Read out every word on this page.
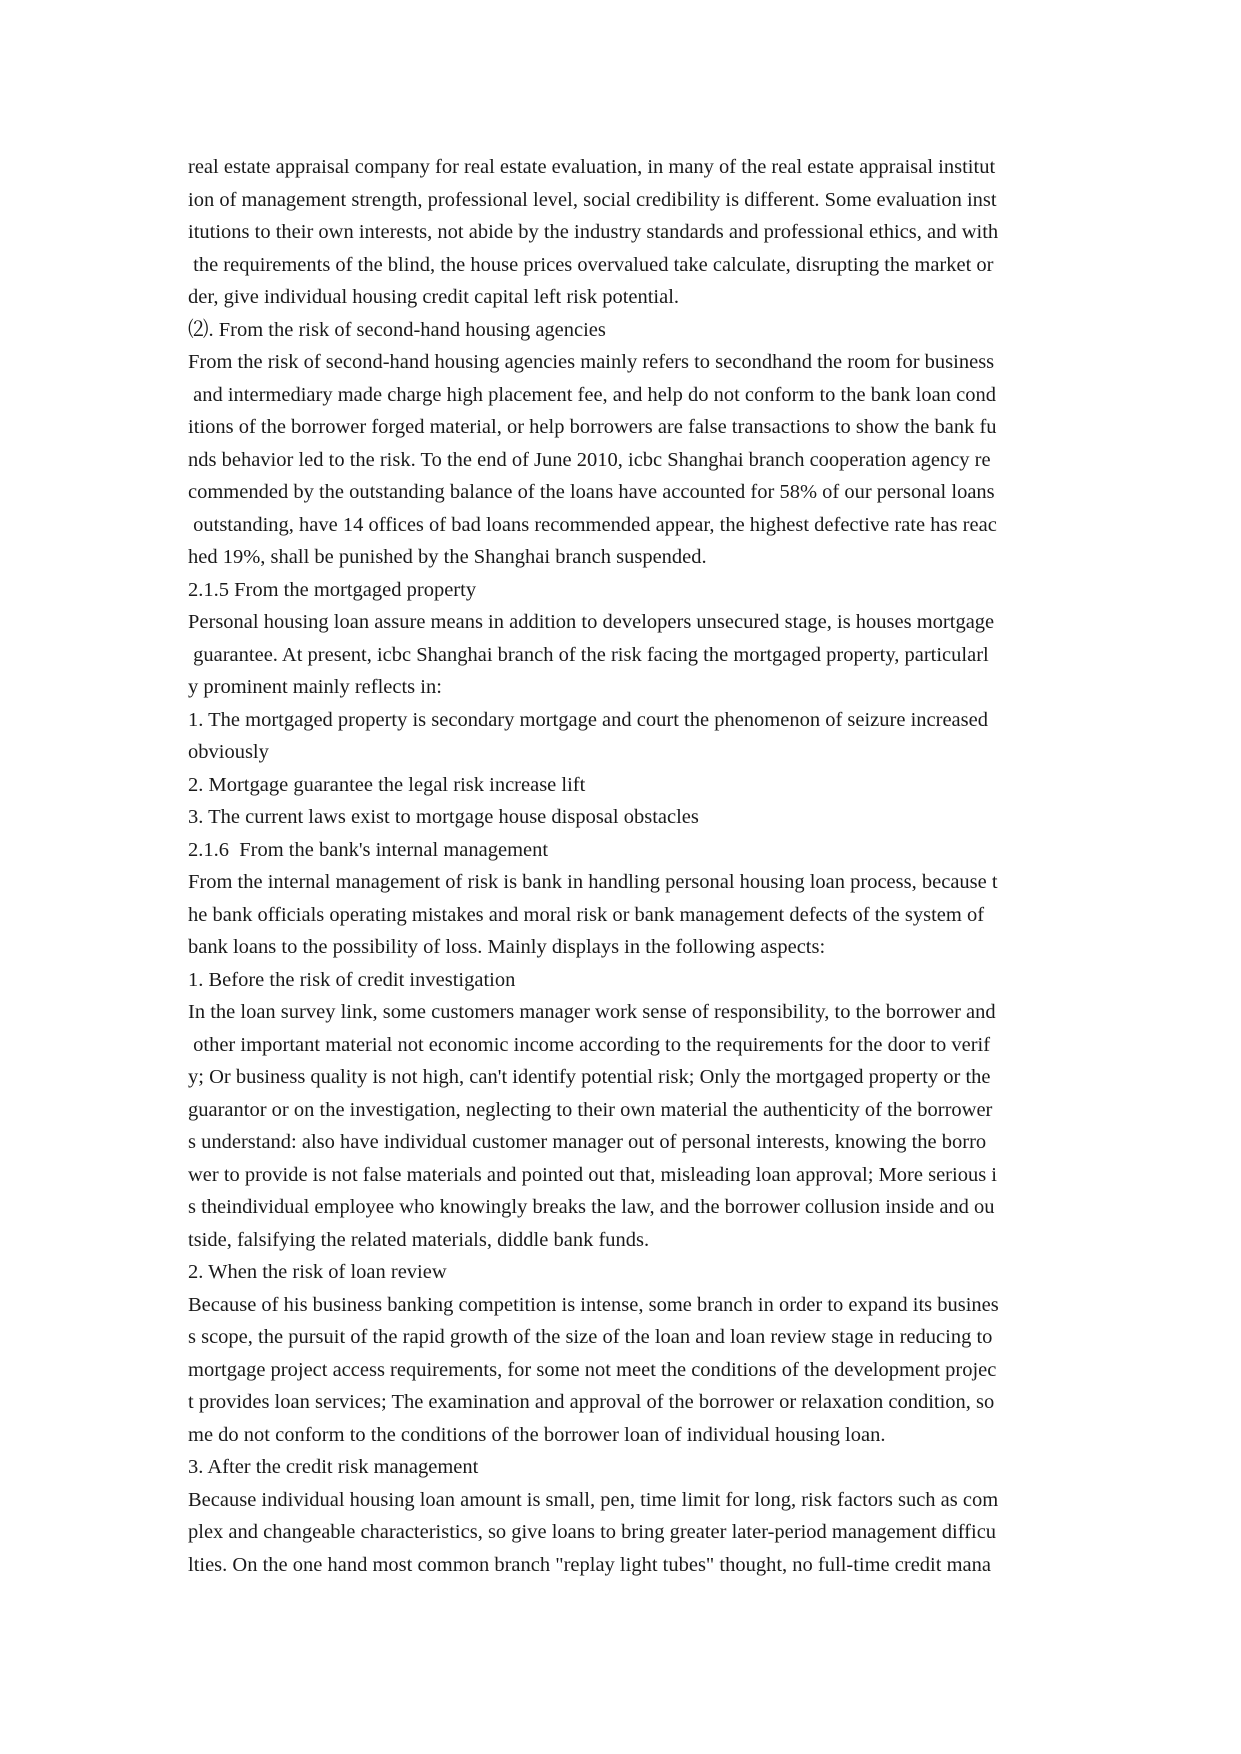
real estate appraisal company for real estate evaluation, in many of the real estate appraisal institut
ion of management strength, professional level, social credibility is different. Some evaluation inst
itutions to their own interests, not abide by the industry standards and professional ethics, and with
the requirements of the blind, the house prices overvalued take calculate, disrupting the market or
der, give individual housing credit capital left risk potential.
⑵. From the risk of second-hand housing agencies
From the risk of second-hand housing agencies mainly refers to secondhand the room for business
and intermediary made charge high placement fee, and help do not conform to the bank loan cond
itions of the borrower forged material, or help borrowers are false transactions to show the bank fu
nds behavior led to the risk. To the end of June 2010, icbc Shanghai branch cooperation agency re
commended by the outstanding balance of the loans have accounted for 58% of our personal loans
outstanding, have 14 offices of bad loans recommended appear, the highest defective rate has reac
hed 19%, shall be punished by the Shanghai branch suspended.
2.1.5 From the mortgaged property
Personal housing loan assure means in addition to developers unsecured stage, is houses mortgage
guarantee. At present, icbc Shanghai branch of the risk facing the mortgaged property, particularl
y prominent mainly reflects in:
1. The mortgaged property is secondary mortgage and court the phenomenon of seizure increased
obviously
2. Mortgage guarantee the legal risk increase lift
3. The current laws exist to mortgage house disposal obstacles
2.1.6  From the bank's internal management
From the internal management of risk is bank in handling personal housing loan process, because t
he bank officials operating mistakes and moral risk or bank management defects of the system of
bank loans to the possibility of loss. Mainly displays in the following aspects:
1. Before the risk of credit investigation
In the loan survey link, some customers manager work sense of responsibility, to the borrower and
other important material not economic income according to the requirements for the door to verif
y; Or business quality is not high, can't identify potential risk; Only the mortgaged property or the
guarantor or on the investigation, neglecting to their own material the authenticity of the borrower
s understand: also have individual customer manager out of personal interests, knowing the borro
wer to provide is not false materials and pointed out that, misleading loan approval; More serious i
s theindividual employee who knowingly breaks the law, and the borrower collusion inside and ou
tside, falsifying the related materials, diddle bank funds.
2. When the risk of loan review
Because of his business banking competition is intense, some branch in order to expand its busines
s scope, the pursuit of the rapid growth of the size of the loan and loan review stage in reducing to
mortgage project access requirements, for some not meet the conditions of the development projec
t provides loan services; The examination and approval of the borrower or relaxation condition, so
me do not conform to the conditions of the borrower loan of individual housing loan.
3. After the credit risk management
Because individual housing loan amount is small, pen, time limit for long, risk factors such as com
plex and changeable characteristics, so give loans to bring greater later-period management difficu
lties. On the one hand most common branch "replay light tubes" thought, no full-time credit mana
